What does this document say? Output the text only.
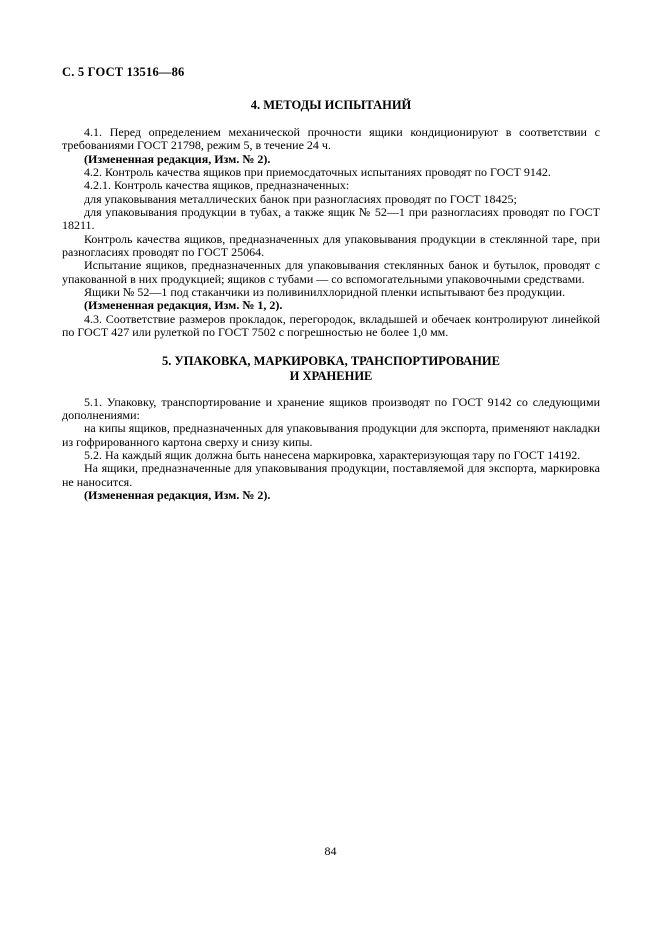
С. 5 ГОСТ 13516—86
4. МЕТОДЫ ИСПЫТАНИЙ

4.1. Перед определением механической прочности ящики кондиционируют в соответствии с требованиями ГОСТ 21798, режим 5, в течение 24 ч.

(Измененная редакция, Изм. № 2).

4.2. Контроль качества ящиков при приемосдаточных испытаниях проводят по ГОСТ 9142.

4.2.1. Контроль качества ящиков, предназначенных:

для упаковывания металлических банок при разногласиях проводят по ГОСТ 18425;

для упаковывания продукции в тубах, а также ящик № 52—1 при разногласиях проводят по ГОСТ 18211.

Контроль качества ящиков, предназначенных для упаковывания продукции в стеклянной таре, при разногласиях проводят по ГОСТ 25064.

Испытание ящиков, предназначенных для упаковывания стеклянных банок и бутылок, проводят с упакованной в них продукцией; ящиков с тубами — со вспомогательными упаковочными средствами.

Ящики № 52—1 под стаканчики из поливинилхлоридной пленки испытывают без продукции.

(Измененная редакция, Изм. № 1, 2).

4.3. Соответствие размеров прокладок, перегородок, вкладышей и обечаек контролируют линейкой по ГОСТ 427 или рулеткой по ГОСТ 7502 с погрешностью не более 1,0 мм.

5. УПАКОВКА, МАРКИРОВКА, ТРАНСПОРТИРОВАНИЕ
И ХРАНЕНИЕ

5.1. Упаковку, транспортирование и хранение ящиков производят по ГОСТ 9142 со следующими дополнениями:

на кипы ящиков, предназначенных для упаковывания продукции для экспорта, применяют накладки из гофрированного картона сверху и снизу кипы.

5.2. На каждый ящик должна быть нанесена маркировка, характеризующая тару по ГОСТ 14192.

На ящики, предназначенные для упаковывания продукции, поставляемой для экспорта, маркировка не наносится.

(Измененная редакция, Изм. № 2).

84
